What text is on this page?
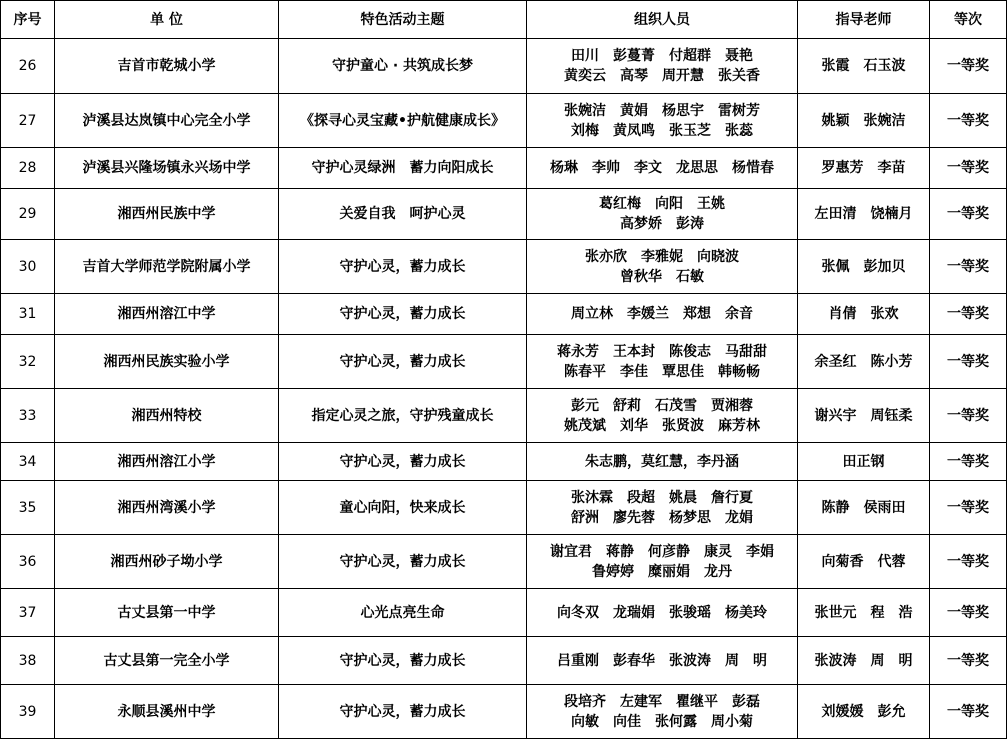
序号	单 位	特色活动主题	组织人员	指导老师	等次
26	吉首市乾城小学	守护童心 · 共筑成长梦	田川　彭蔓菁　付超群　聂艳
黄奕云　高琴　周开慧　张关香	张霞　石玉波	一等奖
27	泸溪县达岚镇中心完全小学	《探寻心灵宝藏•护航健康成长》	张婉洁　黄娟　杨思宇　雷树芳
刘梅　黄凤鸣　张玉芝　张蕊	姚颖　张婉洁	一等奖
28	泸溪县兴隆场镇永兴场中学	守护心灵绿洲　蓄力向阳成长	杨琳　李帅　李文　龙思思　杨惜春	罗惠芳　李苗	一等奖
29	湘西州民族中学	关爱自我　呵护心灵	葛红梅　向阳　王姚
高梦娇　彭涛	左田清　饶楠月	一等奖
30	吉首大学师范学院附属小学	守护心灵，蓄力成长	张亦欣　李雅妮　向晓波
曾秋华　石敏	张佩　彭加贝	一等奖
31	湘西州溶江中学	守护心灵，蓄力成长	周立林　李媛兰　郑想　余音	肖倩　张欢	一等奖
32	湘西州民族实验小学	守护心灵，蓄力成长	蒋永芳　王本封　陈俊志　马甜甜
陈春平　李佳　覃思佳　韩畅畅	余圣红　陈小芳	一等奖
33	湘西州特校	指定心灵之旅，守护残童成长	彭元　舒莉　石茂雪　贾湘蓉
姚茂斌　刘华　张贤波　麻芳林	谢兴宇　周钰柔	一等奖
34	湘西州溶江小学	守护心灵，蓄力成长	朱志鹏，莫红慧，李丹涵	田正钢	一等奖
35	湘西州湾溪小学	童心向阳，快来成长	张沐霖　段超　姚晨　詹行夏
舒洲　廖先蓉　杨梦思　龙娟	陈静　侯雨田	一等奖
36	湘西州砂子坳小学	守护心灵，蓄力成长	谢宜君　蒋静　何彦静　康灵　李娟
鲁婷婷　糜丽娟　龙丹	向菊香　代蓉	一等奖
37	古丈县第一中学	心光点亮生命	向冬双　龙瑞娟　张骏瑶　杨美玲	张世元　程　浩	一等奖
38	古丈县第一完全小学	守护心灵，蓄力成长	吕重刚　彭春华　张波涛　周　明	张波涛　周　明	一等奖
39	永顺县溪州中学	守护心灵，蓄力成长	段培齐　左建军　瞿继平　彭磊
向敏　向佳　张何露　周小菊	刘媛媛　彭允	一等奖
